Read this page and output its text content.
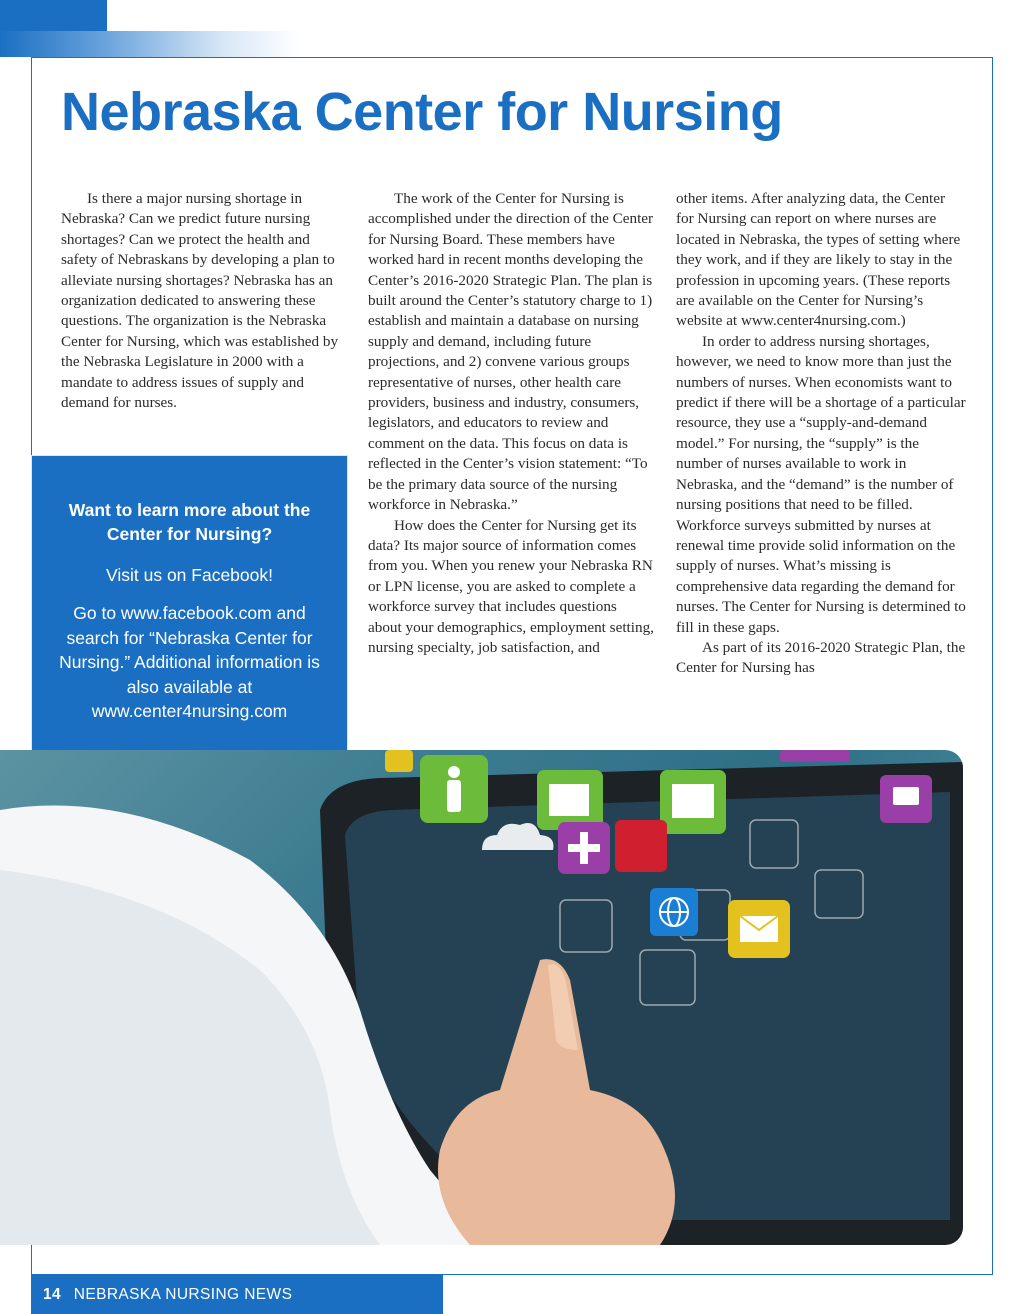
Nebraska Center for Nursing

Is there a major nursing shortage in Nebraska? Can we predict future nursing shortages? Can we protect the health and safety of Nebraskans by developing a plan to alleviate nursing shortages? Nebraska has an organization dedicated to answering these questions. The organization is the Nebraska Center for Nursing, which was established by the Nebraska Legislature in 2000 with a mandate to address issues of supply and demand for nurses.

The work of the Center for Nursing is accomplished under the direction of the Center for Nursing Board. These members have worked hard in recent months developing the Center’s 2016-2020 Strategic Plan. The plan is built around the Center’s statutory charge to 1) establish and maintain a database on nursing supply and demand, including future projections, and 2) convene various groups representative of nurses, other health care providers, business and industry, consumers, legislators, and educators to review and comment on the data. This focus on data is reflected in the Center’s vision statement: “To be the primary data source of the nursing workforce in Nebraska.”

How does the Center for Nursing get its data? Its major source of information comes from you. When you renew your Nebraska RN or LPN license, you are asked to complete a workforce survey that includes questions about your demographics, employment setting, nursing specialty, job satisfaction, and

other items. After analyzing data, the Center for Nursing can report on where nurses are located in Nebraska, the types of setting where they work, and if they are likely to stay in the profession in upcoming years. (These reports are available on the Center for Nursing’s website at www.center4nursing.com.)

In order to address nursing shortages, however, we need to know more than just the numbers of nurses. When economists want to predict if there will be a shortage of a particular resource, they use a “supply-and-demand model.” For nursing, the “supply” is the number of nurses available to work in Nebraska, and the “demand” is the number of nursing positions that need to be filled. Workforce surveys submitted by nurses at renewal time provide solid information on the supply of nurses. What’s missing is comprehensive data regarding the demand for nurses. The Center for Nursing is determined to fill in these gaps.

As part of its 2016-2020 Strategic Plan, the Center for Nursing has

Want to learn more about the Center for Nursing?
Visit us on Facebook!
Go to www.facebook.com and search for “Nebraska Center for Nursing.” Additional information is also available at www.center4nursing.com
14 NEBRASKA NURSING NEWS
